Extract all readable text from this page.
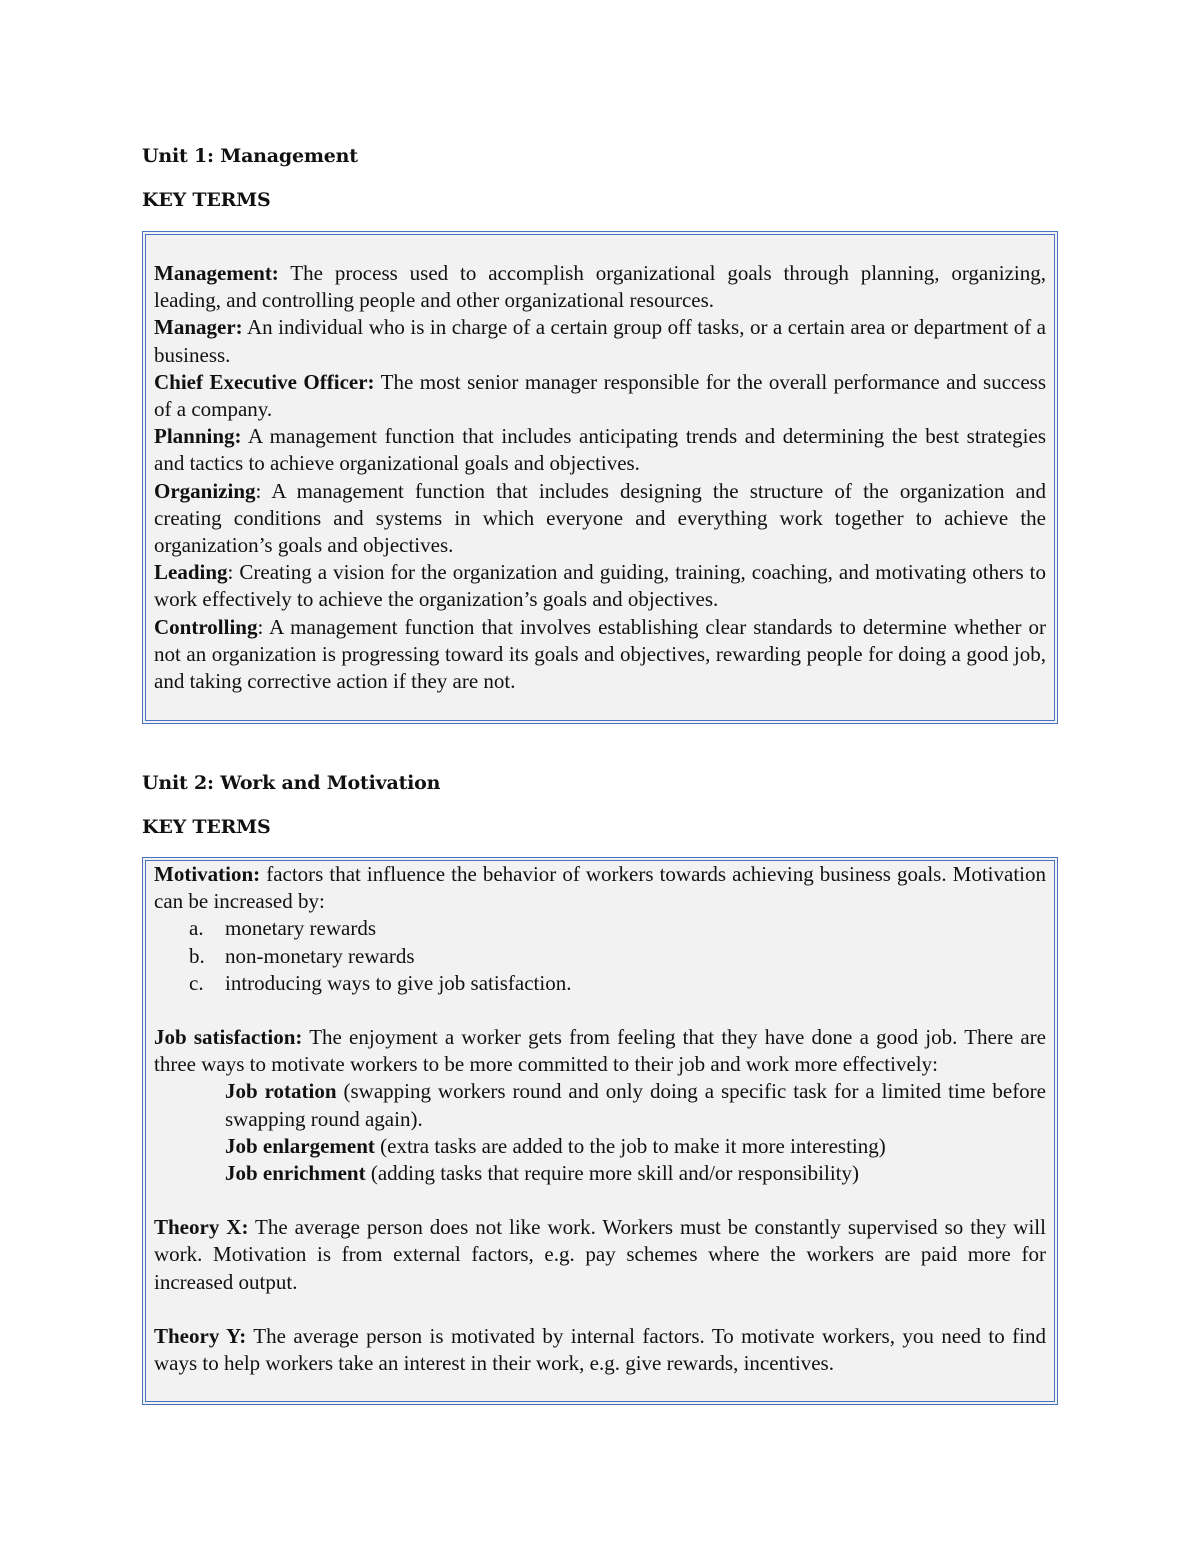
Unit 1: Management
KEY TERMS

Management: The process used to accomplish organizational goals through planning, organizing, leading, and controlling people and other organizational resources.

Manager: An individual who is in charge of a certain group off tasks, or a certain area or department of a business.

Chief Executive Officer: The most senior manager responsible for the overall performance and success of a company.

Planning: A management function that includes anticipating trends and determining the best strategies and tactics to achieve organizational goals and objectives.

Organizing: A management function that includes designing the structure of the organization and creating conditions and systems in which everyone and everything work together to achieve the organization’s goals and objectives.

Leading: Creating a vision for the organization and guiding, training, coaching, and motivating others to work effectively to achieve the organization’s goals and objectives.

Controlling: A management function that involves establishing clear standards to determine whether or not an organization is progressing toward its goals and objectives, rewarding people for doing a good job, and taking corrective action if they are not.

Unit 2: Work and Motivation
KEY TERMS

Motivation: factors that influence the behavior of workers towards achieving business goals. Motivation can be increased by:

a.	monetary rewards
b. non-monetary rewards
c.	introducing ways to give job satisfaction.

Job satisfaction: The enjoyment a worker gets from feeling that they have done a good job. There are three ways to motivate workers to be more committed to their job and work more effectively:

Job rotation (swapping workers round and only doing a specific task for a limited time before swapping round again).

Job enlargement (extra tasks are added to the job to make it more interesting)

Job enrichment (adding tasks that require more skill and/or responsibility)

Theory X: The average person does not like work. Workers must be constantly supervised so they will work. Motivation is from external factors, e.g. pay schemes where the workers are paid more for increased output.

Theory Y: The average person is motivated by internal factors. To motivate workers, you need to find ways to help workers take an interest in their work, e.g. give rewards, incentives.
